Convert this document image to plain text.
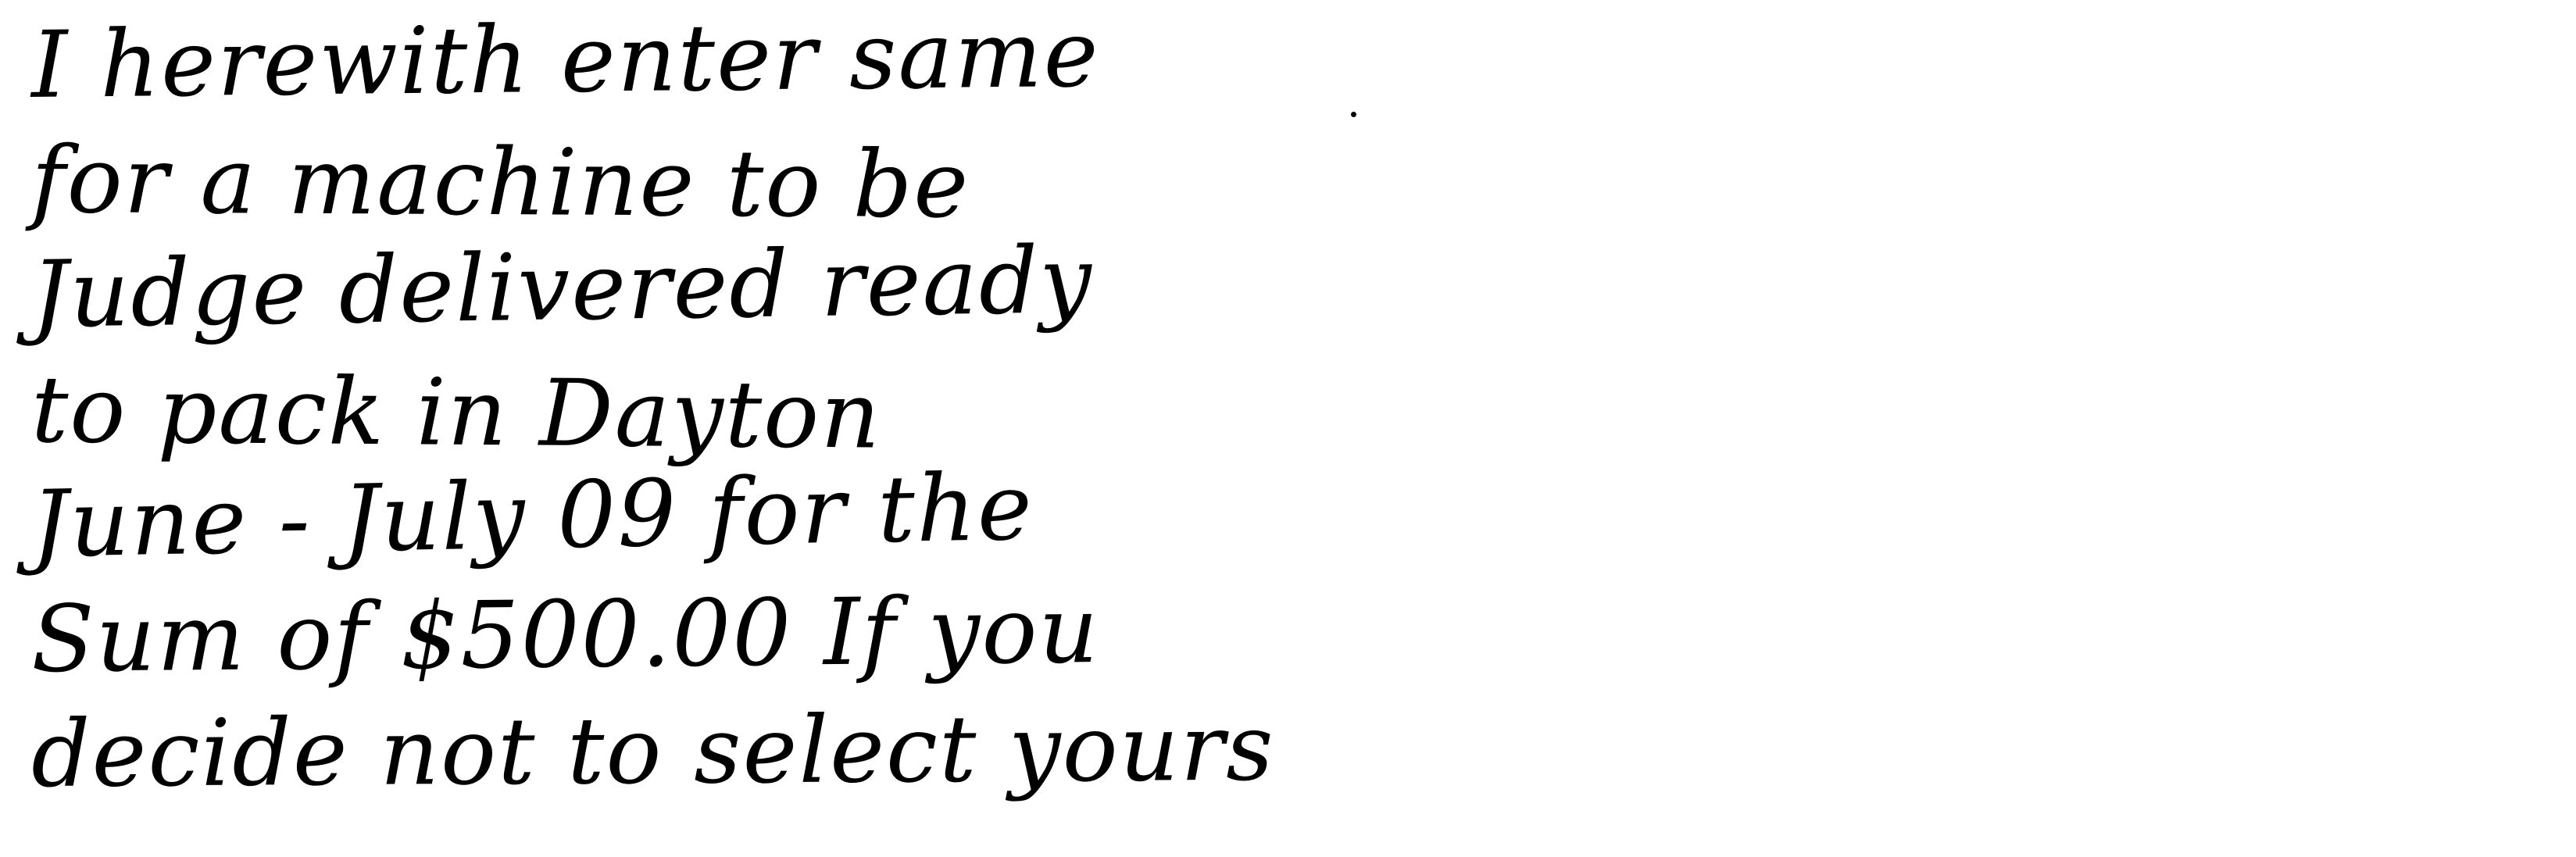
I herewith enter same
for a machine to be
Judge delivered ready
to pack in Dayton
June - July 09 for the
Sum of $500.00 If you
decide not to select yours
